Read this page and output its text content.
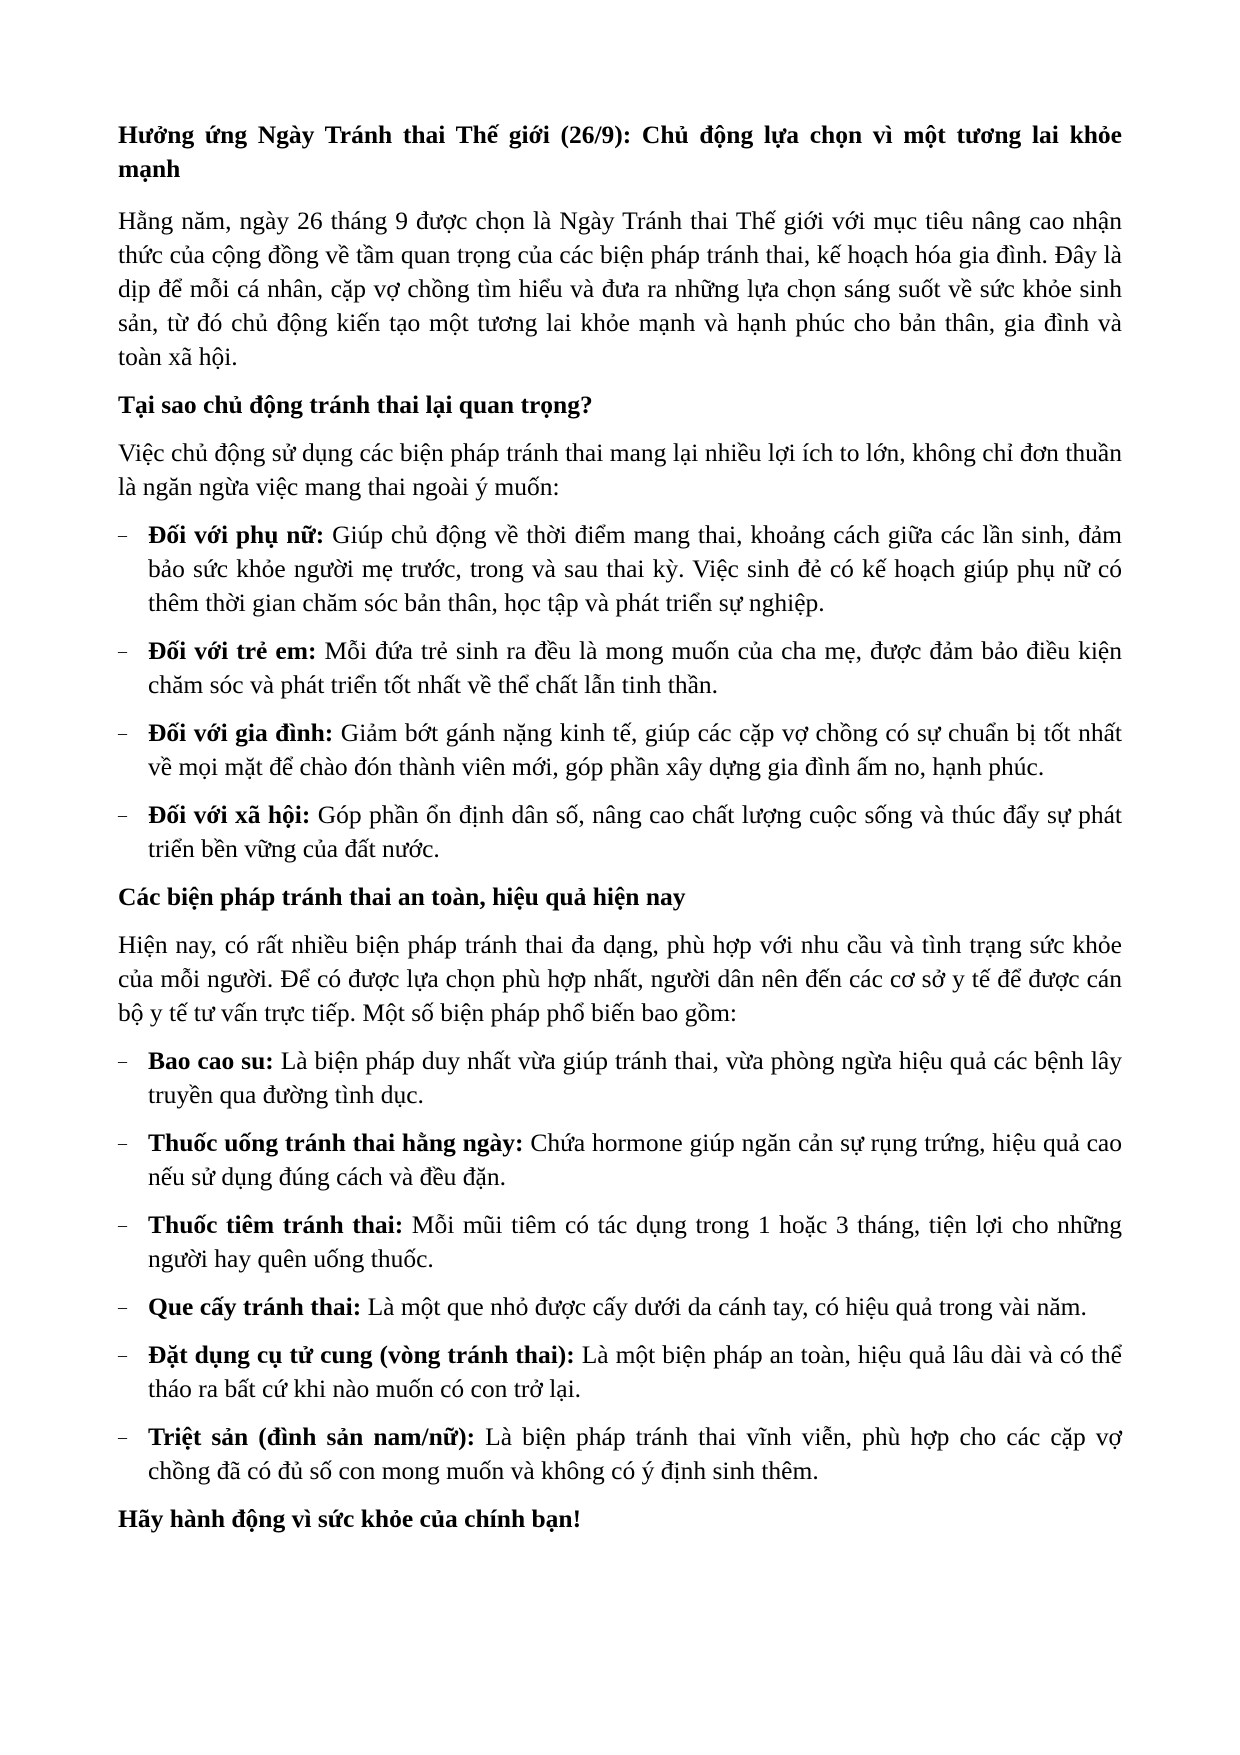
Hưởng ứng Ngày Tránh thai Thế giới (26/9): Chủ động lựa chọn vì một tương lai khỏe mạnh

Hằng năm, ngày 26 tháng 9 được chọn là Ngày Tránh thai Thế giới với mục tiêu nâng cao nhận thức của cộng đồng về tầm quan trọng của các biện pháp tránh thai, kế hoạch hóa gia đình. Đây là dịp để mỗi cá nhân, cặp vợ chồng tìm hiểu và đưa ra những lựa chọn sáng suốt về sức khỏe sinh sản, từ đó chủ động kiến tạo một tương lai khỏe mạnh và hạnh phúc cho bản thân, gia đình và toàn xã hội.

Tại sao chủ động tránh thai lại quan trọng?

Việc chủ động sử dụng các biện pháp tránh thai mang lại nhiều lợi ích to lớn, không chỉ đơn thuần là ngăn ngừa việc mang thai ngoài ý muốn:

– Đối với phụ nữ: Giúp chủ động về thời điểm mang thai, khoảng cách giữa các lần sinh, đảm bảo sức khỏe người mẹ trước, trong và sau thai kỳ. Việc sinh đẻ có kế hoạch giúp phụ nữ có thêm thời gian chăm sóc bản thân, học tập và phát triển sự nghiệp.
– Đối với trẻ em: Mỗi đứa trẻ sinh ra đều là mong muốn của cha mẹ, được đảm bảo điều kiện chăm sóc và phát triển tốt nhất về thể chất lẫn tinh thần.
– Đối với gia đình: Giảm bớt gánh nặng kinh tế, giúp các cặp vợ chồng có sự chuẩn bị tốt nhất về mọi mặt để chào đón thành viên mới, góp phần xây dựng gia đình ấm no, hạnh phúc.
– Đối với xã hội: Góp phần ổn định dân số, nâng cao chất lượng cuộc sống và thúc đẩy sự phát triển bền vững của đất nước.

Các biện pháp tránh thai an toàn, hiệu quả hiện nay

Hiện nay, có rất nhiều biện pháp tránh thai đa dạng, phù hợp với nhu cầu và tình trạng sức khỏe của mỗi người. Để có được lựa chọn phù hợp nhất, người dân nên đến các cơ sở y tế để được cán bộ y tế tư vấn trực tiếp. Một số biện pháp phổ biến bao gồm:

– Bao cao su: Là biện pháp duy nhất vừa giúp tránh thai, vừa phòng ngừa hiệu quả các bệnh lây truyền qua đường tình dục.
– Thuốc uống tránh thai hằng ngày: Chứa hormone giúp ngăn cản sự rụng trứng, hiệu quả cao nếu sử dụng đúng cách và đều đặn.
– Thuốc tiêm tránh thai: Mỗi mũi tiêm có tác dụng trong 1 hoặc 3 tháng, tiện lợi cho những người hay quên uống thuốc.
– Que cấy tránh thai: Là một que nhỏ được cấy dưới da cánh tay, có hiệu quả trong vài năm.
– Đặt dụng cụ tử cung (vòng tránh thai): Là một biện pháp an toàn, hiệu quả lâu dài và có thể tháo ra bất cứ khi nào muốn có con trở lại.
– Triệt sản (đình sản nam/nữ): Là biện pháp tránh thai vĩnh viễn, phù hợp cho các cặp vợ chồng đã có đủ số con mong muốn và không có ý định sinh thêm.

Hãy hành động vì sức khỏe của chính bạn!
